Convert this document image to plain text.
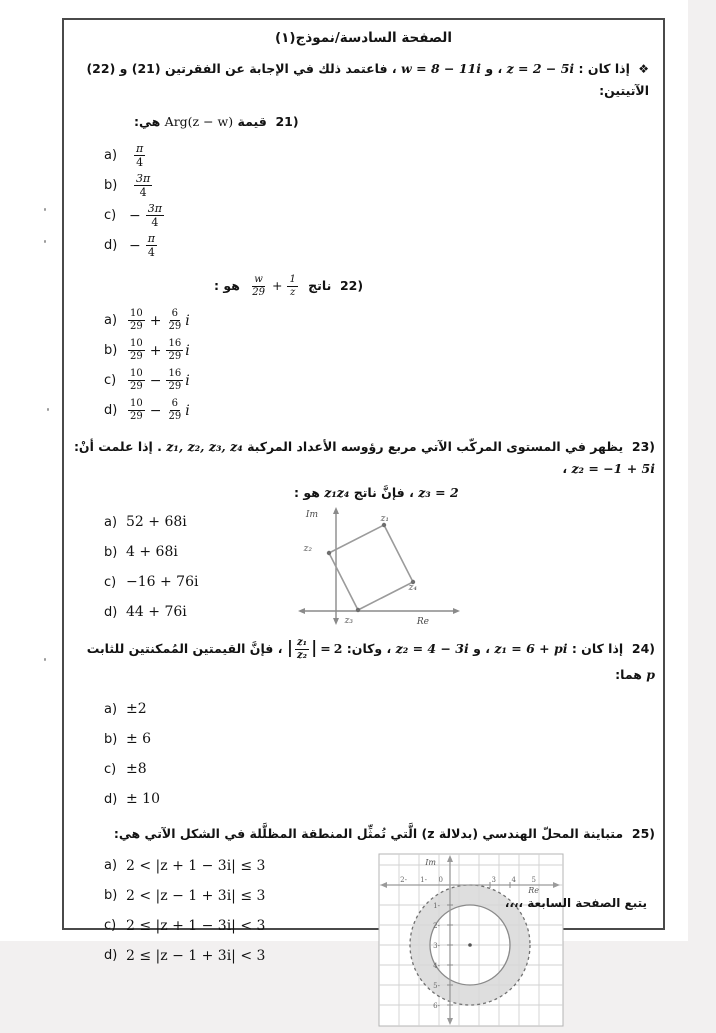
الصفحة السادسة/نموذج(١)
❖ إذا كان : z = 2 − 5i ، و w = 8 − 11i ، فاعتمد ذلك في الإجابة عن الفقرتين (21) و (22) الآتيتين:
(21  قيمة Arg(z − w) هي:
a)	$\frac{\pi}{4}$
b)	$\frac{3\pi}{4}$
$c) - \frac{3\pi}{4}$
$d) - \frac{\pi}{4}$
(22  ناتج
$\frac{w}{29} + \frac{1}{z}$
هو :
a)	$\frac{10}{29} + \frac{6}{29}$ i
b)	$\frac{10}{29} + \frac{16}{29}$ i
c)	$\frac{10}{29} - \frac{16}{29}$ i
d)	$\frac{10}{29} - \frac{6}{29}$ i
(23  يظهر في المستوى المركّب الآتي مربع رؤوسه الأعداد المركبة z₁, z₂, z₃, z₄ . إذا علمت أنْ: z₂ = −1 + 5i ،
z₃ = 2 ، فإنَّ ناتج z₁z₄ هو :
a) 52 + 68i
b) 4 + 68i
c) −16 + 76i
d) 44 + 76i
z₁
z₂
z₃
z₄
Im
Re
(24  إذا كان : z₁ = 6 + pi ، و z₂ = 4 − 3i ، وكان:
| $\frac{\text{z₁}}{\text{z₂}}$ | = 2
، فإنَّ القيمتين المُمكنتين للثابت p هما:
a) ±2
b) ± 6
c) ±8
d) ± 10
(25  متباينة المحلّ الهندسي (بدلالة z) الَّتي تُمثِّل المنطقة المظلَّلة في الشكل الآتي هي:
a) 2 < |z + 1 − 3i| ≤ 3
b) 2 < |z − 1 + 3i| ≤ 3
c) 2 ≤ |z + 1 − 3i| < 3
d) 2 ≤ |z − 1 + 3i| < 3
Im
Re
-2 -1 0	3 4 5
-1
-2
-3
-4
-5
-6
يتبع الصفحة السابعة ،،،،
